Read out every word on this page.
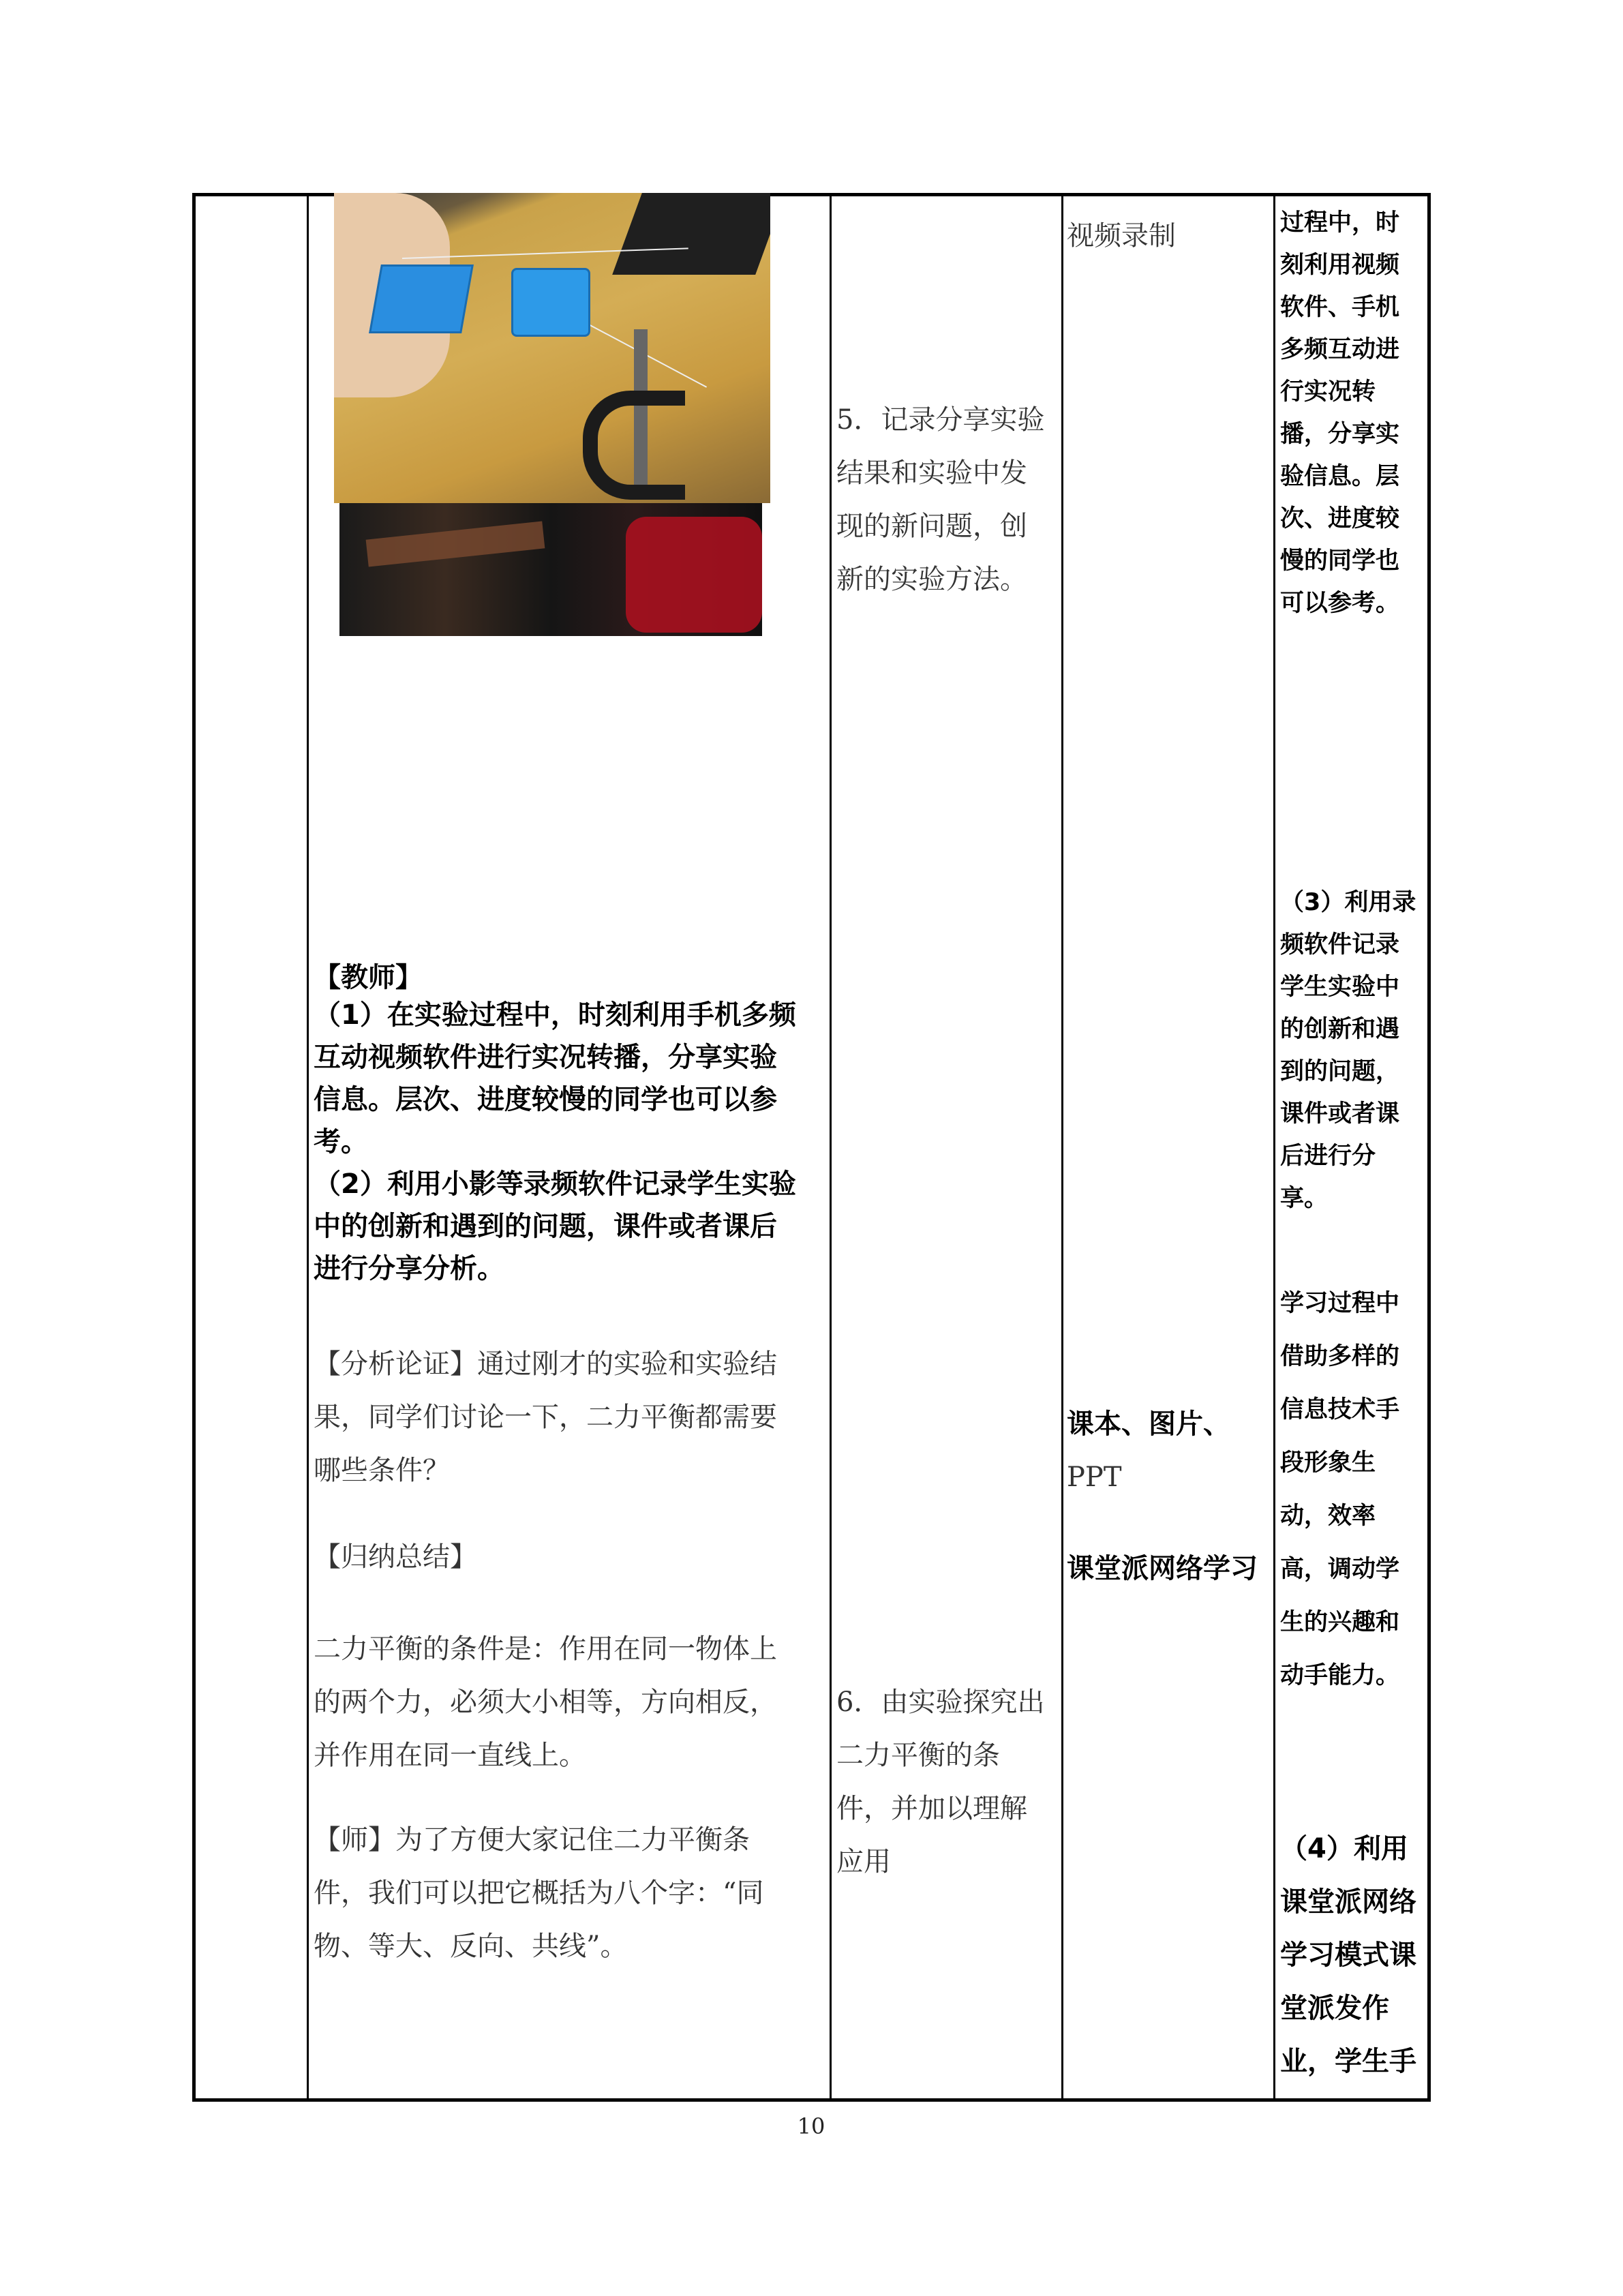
【教师】
（1）在实验过程中，时刻利用手机多频
互动视频软件进行实况转播，分享实验
信息。层次、进度较慢的同学也可以参
考。
（2）利用小影等录频软件记录学生实验
中的创新和遇到的问题，课件或者课后
进行分享分析。
【分析论证】通过刚才的实验和实验结
果，同学们讨论一下，二力平衡都需要
哪些条件？
【归纳总结】
二力平衡的条件是：作用在同一物体上
的两个力，必须大小相等，方向相反，
并作用在同一直线上。
【师】为了方便大家记住二力平衡条
件，我们可以把它概括为八个字：“同
物、等大、反向、共线”。
5．记录分享实验
结果和实验中发
现的新问题，创
新的实验方法。
6．由实验探究出
二力平衡的条
件，并加以理解
应用
视频录制
课本、图片、
PPT
课堂派网络学习
过程中，时
刻利用视频
软件、手机
多频互动进
行实况转
播，分享实
验信息。层
次、进度较
慢的同学也
可以参考。
（3）利用录
频软件记录
学生实验中
的创新和遇
到的问题，
课件或者课
后进行分
享。
学习过程中
借助多样的
信息技术手
段形象生
动，效率
高，调动学
生的兴趣和
动手能力。
（4）利用
课堂派网络
学习模式课
堂派发作
业，学生手
10
